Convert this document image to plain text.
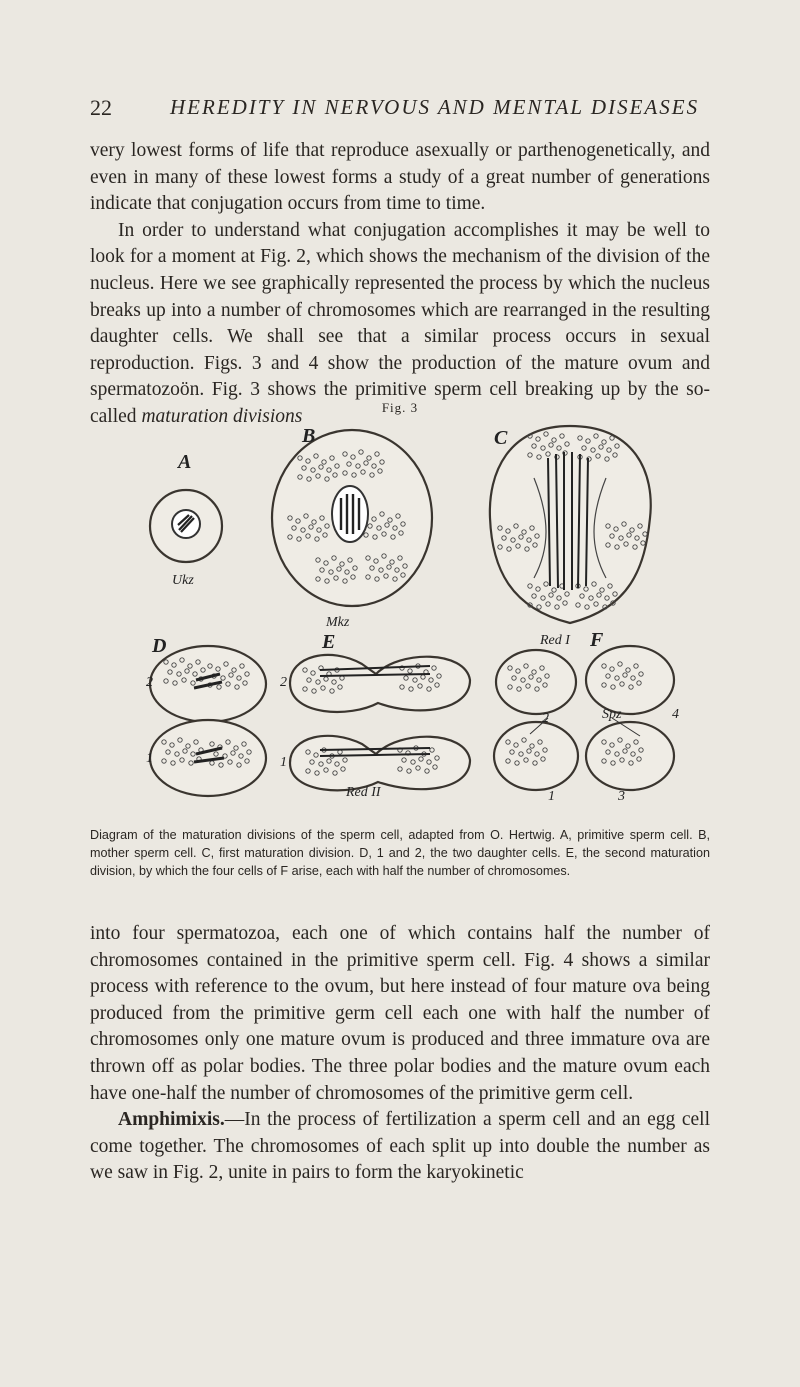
22	HEREDITY IN NERVOUS AND MENTAL DISEASES

very lowest forms of life that reproduce asexually or parthenogenetically, and even in many of these lowest forms a study of a great number of generations indicate that conjugation occurs from time to time.

In order to understand what conjugation accomplishes it may be well to look for a moment at Fig. 2, which shows the mechanism of the division of the nucleus. Here we see graphically represented the process by which the nucleus breaks up into a number of chromosomes which are rearranged in the resulting daughter cells. We shall see that a similar process occurs in sexual reproduction. Figs. 3 and 4 show the production of the mature ovum and spermatozoön. Fig. 3 shows the primitive sperm cell breaking up by the so-called maturation divisions	Fig. 3
A
B	C
D	E	F
Ukz
Mkz
Red I
Red II
Spz
2
1
2
1
2	4
1	3
Diagram of the maturation divisions of the sperm cell, adapted from O. Hertwig. A, primitive sperm cell. B, mother sperm cell. C, first maturation division. D, 1 and 2, the two daughter cells. E, the second maturation division, by which the four cells of F arise, each with half the number of chromosomes.

into four spermatozoa, each one of which contains half the number of chromosomes contained in the primitive sperm cell. Fig. 4 shows a similar process with reference to the ovum, but here instead of four mature ova being produced from the primitive germ cell each one with half the number of chromosomes only one mature ovum is produced and three immature ova are thrown off as polar bodies. The three polar bodies and the mature ovum each have one-half the number of chromosomes of the primitive germ cell.

Amphimixis.—In the process of fertilization a sperm cell and an egg cell come together. The chromosomes of each split up into double the number as we saw in Fig. 2, unite in pairs to form the karyokinetic
